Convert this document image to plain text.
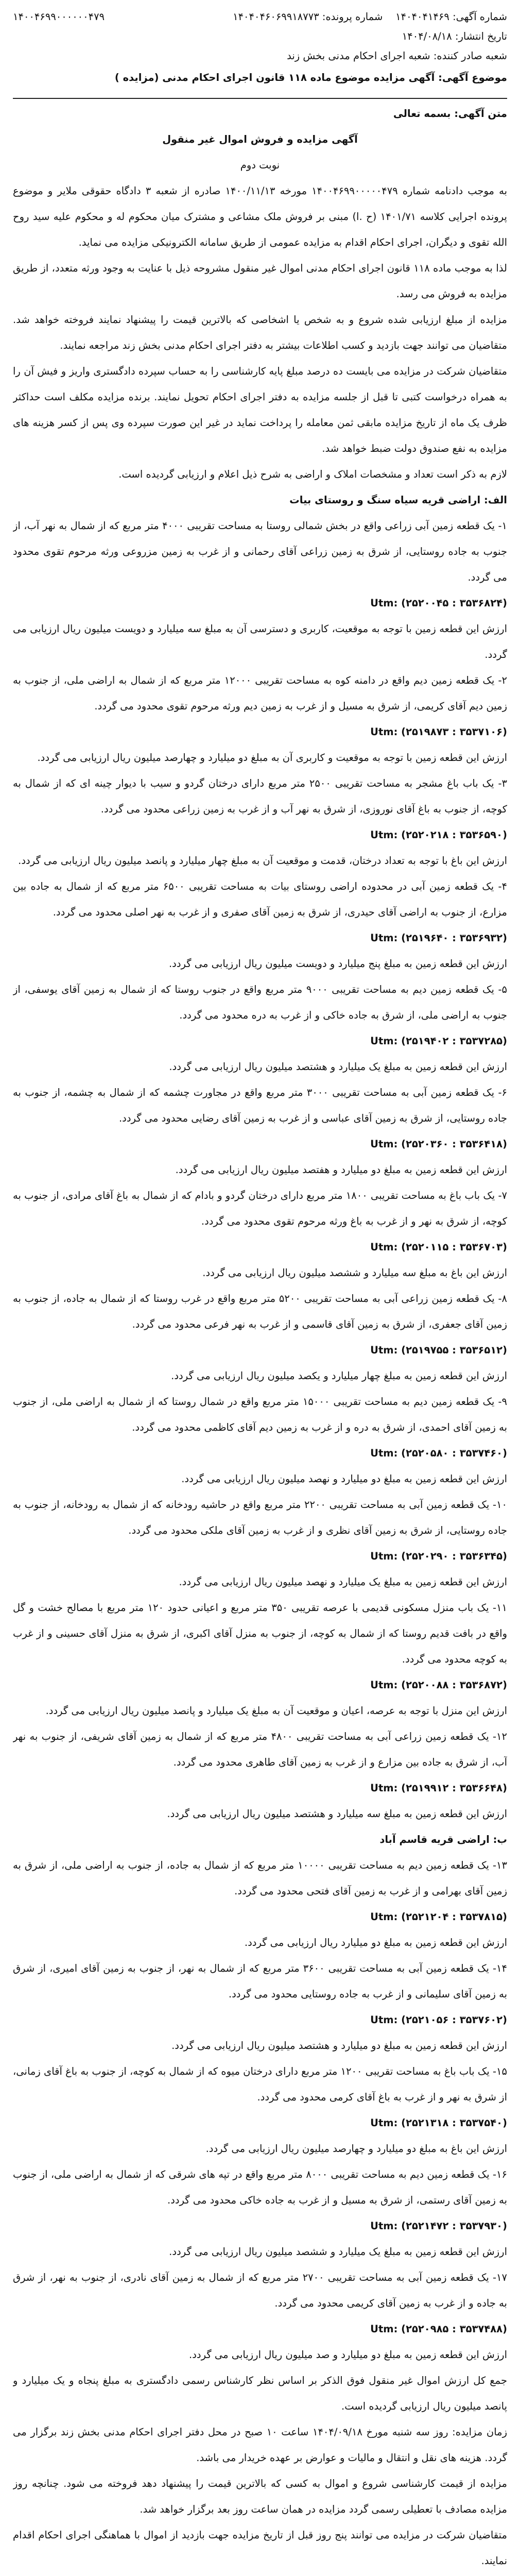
شماره آگهی: ۱۴۰۴۰۴۱۴۶۹    شماره پرونده: ۱۴۰۴۰۴۶۰۶۹۹۱۸۷۷۳
تاریخ انتشار: ۱۴۰۴/۰۸/۱۸
شعبه صادر کننده: شعبه اجرای احکام مدنی بخش زند
۱۴۰۰۴۶۹۹۰۰۰۰۰۰۴۷۹
موضوع آگهی: آگهی مزایده موضوع ماده ۱۱۸ قانون اجرای احکام مدنی (مزایده )

متن آگهی: بسمه تعالی

آگهی مزایده و فروش اموال غیر منقول

نوبت دوم

به موجب دادنامه شماره ۱۴۰۰۴۶۹۹۰۰۰۰۰۴۷۹ مورخه ۱۴۰۰/۱۱/۱۳ صادره از شعبه ۳ دادگاه حقوقی ملایر و موضوع پرونده اجرایی کلاسه ۱۴۰۱/۷۱ (ح .ا) مبنی بر فروش ملک مشاعی و مشترک میان محکوم له و محکوم علیه سید روح الله تقوی و دیگران، اجرای احکام اقدام به مزایده عمومی از طریق سامانه الکترونیکی مزایده می نماید.

لذا به موجب ماده ۱۱۸ قانون اجرای احکام مدنی اموال غیر منقول مشروحه ذیل با عنایت به وجود ورثه متعدد، از طریق مزایده به فروش می رسد.

مزایده از مبلغ ارزیابی شده شروع و به شخص یا اشخاصی که بالاترین قیمت را پیشنهاد نمایند فروخته خواهد شد. متقاضیان می توانند جهت بازدید و کسب اطلاعات بیشتر به دفتر اجرای احکام مدنی بخش زند مراجعه نمایند.

متقاضیان شرکت در مزایده می بایست ده درصد مبلغ پایه کارشناسی را به حساب سپرده دادگستری واریز و فیش آن را به همراه درخواست کتبی تا قبل از جلسه مزایده به دفتر اجرای احکام تحویل نمایند. برنده مزایده مکلف است حداکثر ظرف یک ماه از تاریخ مزایده مابقی ثمن معامله را پرداخت نماید در غیر این صورت سپرده وی پس از کسر هزینه های مزایده به نفع صندوق دولت ضبط خواهد شد.

لازم به ذکر است تعداد و مشخصات املاک و اراضی به شرح ذیل اعلام و ارزیابی گردیده است.

الف: اراضی قریه سیاه سنگ و روستای بیات

۱- یک قطعه زمین آبی زراعی واقع در بخش شمالی روستا به مساحت تقریبی ۴۰۰۰ متر مربع که از شمال به نهر آب، از جنوب به جاده روستایی، از شرق به زمین زراعی آقای رحمانی و از غرب به زمین مزروعی ورثه مرحوم تقوی محدود می گردد.

Utm: (۲۵۲۰۰۴۵ : ۳۵۳۶۸۲۴)

ارزش این قطعه زمین با توجه به موقعیت، کاربری و دسترسی آن به مبلغ سه میلیارد و دویست میلیون ریال ارزیابی می گردد.

۲- یک قطعه زمین دیم واقع در دامنه کوه به مساحت تقریبی ۱۲۰۰۰ متر مربع که از شمال به اراضی ملی، از جنوب به زمین دیم آقای کریمی، از شرق به مسیل و از غرب به زمین دیم ورثه مرحوم تقوی محدود می گردد.

Utm: (۲۵۱۹۸۷۳ : ۳۵۳۷۱۰۶)

ارزش این قطعه زمین با توجه به موقعیت و کاربری آن به مبلغ دو میلیارد و چهارصد میلیون ریال ارزیابی می گردد.

۳- یک باب باغ مشجر به مساحت تقریبی ۲۵۰۰ متر مربع دارای درختان گردو و سیب با دیوار چینه ای که از شمال به کوچه، از جنوب به باغ آقای نوروزی، از شرق به نهر آب و از غرب به زمین زراعی محدود می گردد.

Utm: (۲۵۲۰۲۱۸ : ۳۵۳۶۵۹۰)

ارزش این باغ با توجه به تعداد درختان، قدمت و موقعیت آن به مبلغ چهار میلیارد و پانصد میلیون ریال ارزیابی می گردد.

۴- یک قطعه زمین آبی در محدوده اراضی روستای بیات به مساحت تقریبی ۶۵۰۰ متر مربع که از شمال به جاده بین مزارع، از جنوب به اراضی آقای حیدری، از شرق به زمین آقای صفری و از غرب به نهر اصلی محدود می گردد.

Utm: (۲۵۱۹۶۴۰ : ۳۵۳۶۹۳۲)

ارزش این قطعه زمین به مبلغ پنج میلیارد و دویست میلیون ریال ارزیابی می گردد.

۵- یک قطعه زمین دیم به مساحت تقریبی ۹۰۰۰ متر مربع واقع در جنوب روستا که از شمال به زمین آقای یوسفی، از جنوب به اراضی ملی، از شرق به جاده خاکی و از غرب به دره محدود می گردد.

Utm: (۲۵۱۹۴۰۲ : ۳۵۳۷۲۸۵)

ارزش این قطعه زمین به مبلغ یک میلیارد و هشتصد میلیون ریال ارزیابی می گردد.

۶- یک قطعه زمین آبی به مساحت تقریبی ۳۰۰۰ متر مربع واقع در مجاورت چشمه که از شمال به چشمه، از جنوب به جاده روستایی، از شرق به زمین آقای عباسی و از غرب به زمین آقای رضایی محدود می گردد.

Utm: (۲۵۲۰۳۶۰ : ۳۵۳۶۴۱۸)

ارزش این قطعه زمین به مبلغ دو میلیارد و هفتصد میلیون ریال ارزیابی می گردد.

۷- یک باب باغ به مساحت تقریبی ۱۸۰۰ متر مربع دارای درختان گردو و بادام که از شمال به باغ آقای مرادی، از جنوب به کوچه، از شرق به نهر و از غرب به باغ ورثه مرحوم تقوی محدود می گردد.

Utm: (۲۵۲۰۱۱۵ : ۳۵۳۶۷۰۳)

ارزش این باغ به مبلغ سه میلیارد و ششصد میلیون ریال ارزیابی می گردد.

۸- یک قطعه زمین زراعی آبی به مساحت تقریبی ۵۲۰۰ متر مربع واقع در غرب روستا که از شمال به جاده، از جنوب به زمین آقای جعفری، از شرق به زمین آقای قاسمی و از غرب به نهر فرعی محدود می گردد.

Utm: (۲۵۱۹۷۵۵ : ۳۵۳۶۵۱۲)

ارزش این قطعه زمین به مبلغ چهار میلیارد و یکصد میلیون ریال ارزیابی می گردد.

۹- یک قطعه زمین دیم به مساحت تقریبی ۱۵۰۰۰ متر مربع واقع در شمال روستا که از شمال به اراضی ملی، از جنوب به زمین آقای احمدی، از شرق به دره و از غرب به زمین دیم آقای کاظمی محدود می گردد.

Utm: (۲۵۲۰۵۸۰ : ۳۵۳۷۴۶۰)

ارزش این قطعه زمین به مبلغ دو میلیارد و نهصد میلیون ریال ارزیابی می گردد.

۱۰- یک قطعه زمین آبی به مساحت تقریبی ۲۲۰۰ متر مربع واقع در حاشیه رودخانه که از شمال به رودخانه، از جنوب به جاده روستایی، از شرق به زمین آقای نظری و از غرب به زمین آقای ملکی محدود می گردد.

Utm: (۲۵۲۰۲۹۰ : ۳۵۳۶۳۴۵)

ارزش این قطعه زمین به مبلغ یک میلیارد و نهصد میلیون ریال ارزیابی می گردد.

۱۱- یک باب منزل مسکونی قدیمی با عرصه تقریبی ۳۵۰ متر مربع و اعیانی حدود ۱۲۰ متر مربع با مصالح خشت و گل واقع در بافت قدیم روستا که از شمال به کوچه، از جنوب به منزل آقای اکبری، از شرق به منزل آقای حسینی و از غرب به کوچه محدود می گردد.

Utm: (۲۵۲۰۰۸۸ : ۳۵۳۶۸۷۲)

ارزش این منزل با توجه به عرصه، اعیان و موقعیت آن به مبلغ یک میلیارد و پانصد میلیون ریال ارزیابی می گردد.

۱۲- یک قطعه زمین زراعی آبی به مساحت تقریبی ۴۸۰۰ متر مربع که از شمال به زمین آقای شریفی، از جنوب به نهر آب، از شرق به جاده بین مزارع و از غرب به زمین آقای طاهری محدود می گردد.

Utm: (۲۵۱۹۹۱۲ : ۳۵۳۶۶۴۸)

ارزش این قطعه زمین به مبلغ سه میلیارد و هشتصد میلیون ریال ارزیابی می گردد.

ب: اراضی قریه قاسم آباد

۱۳- یک قطعه زمین دیم به مساحت تقریبی ۱۰۰۰۰ متر مربع که از شمال به جاده، از جنوب به اراضی ملی، از شرق به زمین آقای بهرامی و از غرب به زمین آقای فتحی محدود می گردد.

Utm: (۲۵۲۱۲۰۴ : ۳۵۳۷۸۱۵)

ارزش این قطعه زمین به مبلغ دو میلیارد ریال ارزیابی می گردد.

۱۴- یک قطعه زمین آبی به مساحت تقریبی ۳۶۰۰ متر مربع که از شمال به نهر، از جنوب به زمین آقای امیری، از شرق به زمین آقای سلیمانی و از غرب به جاده روستایی محدود می گردد.

Utm: (۲۵۲۱۰۵۶ : ۳۵۳۷۶۰۲)

ارزش این قطعه زمین به مبلغ دو میلیارد و هشتصد میلیون ریال ارزیابی می گردد.

۱۵- یک باب باغ به مساحت تقریبی ۱۲۰۰ متر مربع دارای درختان میوه که از شمال به کوچه، از جنوب به باغ آقای زمانی، از شرق به نهر و از غرب به باغ آقای کرمی محدود می گردد.

Utm: (۲۵۲۱۳۱۸ : ۳۵۳۷۵۴۰)

ارزش این باغ به مبلغ دو میلیارد و چهارصد میلیون ریال ارزیابی می گردد.

۱۶- یک قطعه زمین دیم به مساحت تقریبی ۸۰۰۰ متر مربع واقع در تپه های شرقی که از شمال به اراضی ملی، از جنوب به زمین آقای رستمی، از شرق به مسیل و از غرب به جاده خاکی محدود می گردد.

Utm: (۲۵۲۱۴۷۲ : ۳۵۳۷۹۳۰)

ارزش این قطعه زمین به مبلغ یک میلیارد و ششصد میلیون ریال ارزیابی می گردد.

۱۷- یک قطعه زمین آبی به مساحت تقریبی ۲۷۰۰ متر مربع که از شمال به زمین آقای نادری، از جنوب به نهر، از شرق به جاده و از غرب به زمین آقای کریمی محدود می گردد.

Utm: (۲۵۲۰۹۸۵ : ۳۵۳۷۴۸۸)

ارزش این قطعه زمین به مبلغ دو میلیارد و صد میلیون ریال ارزیابی می گردد.

جمع کل ارزش اموال غیر منقول فوق الذکر بر اساس نظر کارشناس رسمی دادگستری به مبلغ پنجاه و یک میلیارد و پانصد میلیون ریال ارزیابی گردیده است.

زمان مزایده: روز سه شنبه مورخ ۱۴۰۴/۰۹/۱۸ ساعت ۱۰ صبح در محل دفتر اجرای احکام مدنی بخش زند برگزار می گردد. هزینه های نقل و انتقال و مالیات و عوارض بر عهده خریدار می باشد.

مزایده از قیمت کارشناسی شروع و اموال به کسی که بالاترین قیمت را پیشنهاد دهد فروخته می شود. چنانچه روز مزایده مصادف با تعطیلی رسمی گردد مزایده در همان ساعت روز بعد برگزار خواهد شد.

متقاضیان شرکت در مزایده می توانند پنج روز قبل از تاریخ مزایده جهت بازدید از اموال با هماهنگی اجرای احکام اقدام نمایند.
